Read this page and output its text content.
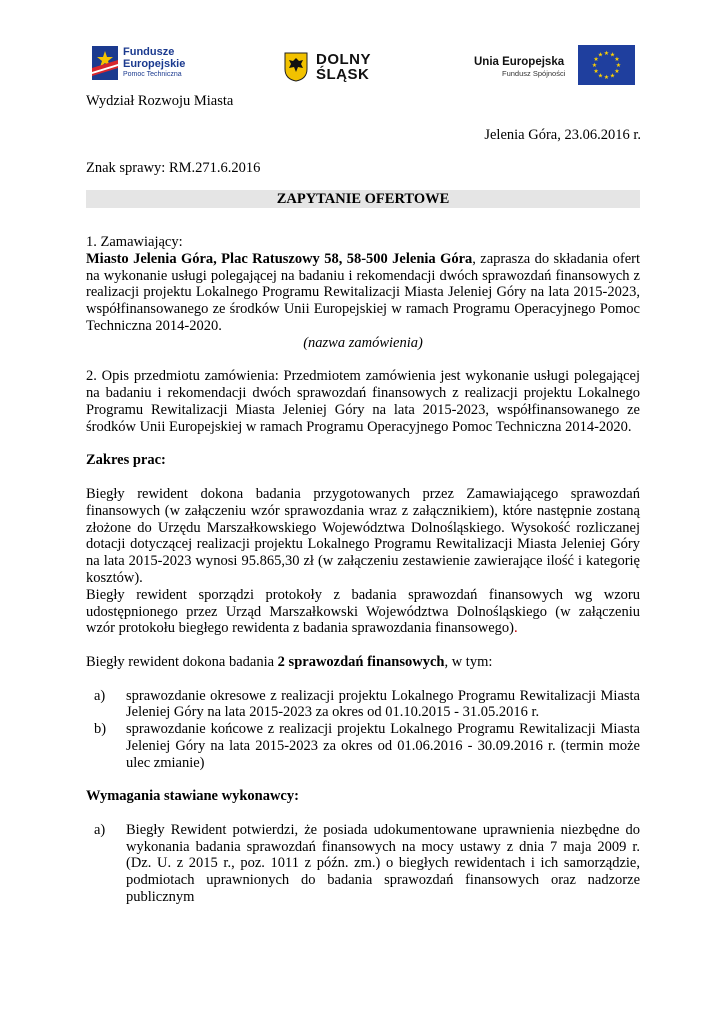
Fundusze
Europejskie
Pomoc Techniczna
DOLNY
ŚLĄSK
Unia Europejska
Fundusz Spójności
★ ★
★
★
★
★
★
★
★
★
★
★
Wydział Rozwoju Miasta
Jelenia Góra, 23.06.2016 r.
Znak sprawy: RM.271.6.2016
ZAPYTANIE OFERTOWE

1. Zamawiający:

Miasto Jelenia Góra, Plac Ratuszowy 58, 58-500 Jelenia Góra, zaprasza do składania ofert na wykonanie usługi polegającej na badaniu i rekomendacji dwóch sprawozdań finansowych z realizacji projektu Lokalnego Programu Rewitalizacji Miasta Jeleniej Góry na lata 2015-2023, współfinansowanego ze środków Unii Europejskiej w ramach Programu Operacyjnego Pomoc Techniczna 2014-2020.

(nazwa zamówienia)

2. Opis przedmiotu zamówienia: Przedmiotem zamówienia jest wykonanie usługi polegającej na badaniu i rekomendacji dwóch sprawozdań finansowych z realizacji projektu Lokalnego Programu Rewitalizacji Miasta Jeleniej Góry na lata 2015-2023, współfinansowanego ze środków Unii Europejskiej w ramach Programu Operacyjnego Pomoc Techniczna 2014-2020.

Zakres prac:

Biegły rewident dokona badania przygotowanych przez Zamawiającego sprawozdań finansowych (w załączeniu wzór sprawozdania wraz z załącznikiem), które następnie zostaną złożone do Urzędu Marszałkowskiego Województwa Dolnośląskiego. Wysokość rozliczanej dotacji dotyczącej realizacji projektu Lokalnego Programu Rewitalizacji Miasta Jeleniej Góry na lata 2015-2023 wynosi 95.865,30 zł (w załączeniu zestawienie zawierające ilość i kategorię kosztów).

Biegły rewident sporządzi protokoły z badania sprawozdań finansowych wg wzoru udostępnionego przez Urząd Marszałkowski Województwa Dolnośląskiego (w załączeniu wzór protokołu biegłego rewidenta z badania sprawozdania finansowego).

Biegły rewident dokona badania 2 sprawozdań finansowych, w tym:

a) sprawozdanie okresowe z realizacji projektu Lokalnego Programu Rewitalizacji Miasta Jeleniej Góry na lata 2015-2023 za okres od 01.10.2015 - 31.05.2016 r.
b) sprawozdanie końcowe z realizacji projektu Lokalnego Programu Rewitalizacji Miasta Jeleniej Góry na lata 2015-2023 za okres od 01.06.2016 - 30.09.2016 r. (termin może ulec zmianie)

Wymagania stawiane wykonawcy:

a) Biegły Rewident potwierdzi, że posiada udokumentowane uprawnienia niezbędne do wykonania badania sprawozdań finansowych na mocy ustawy z dnia 7 maja 2009 r. (Dz. U. z 2015 r., poz. 1011 z późn. zm.) o biegłych rewidentach i ich samorządzie, podmiotach uprawnionych do badania sprawozdań finansowych oraz nadzorze publicznym
